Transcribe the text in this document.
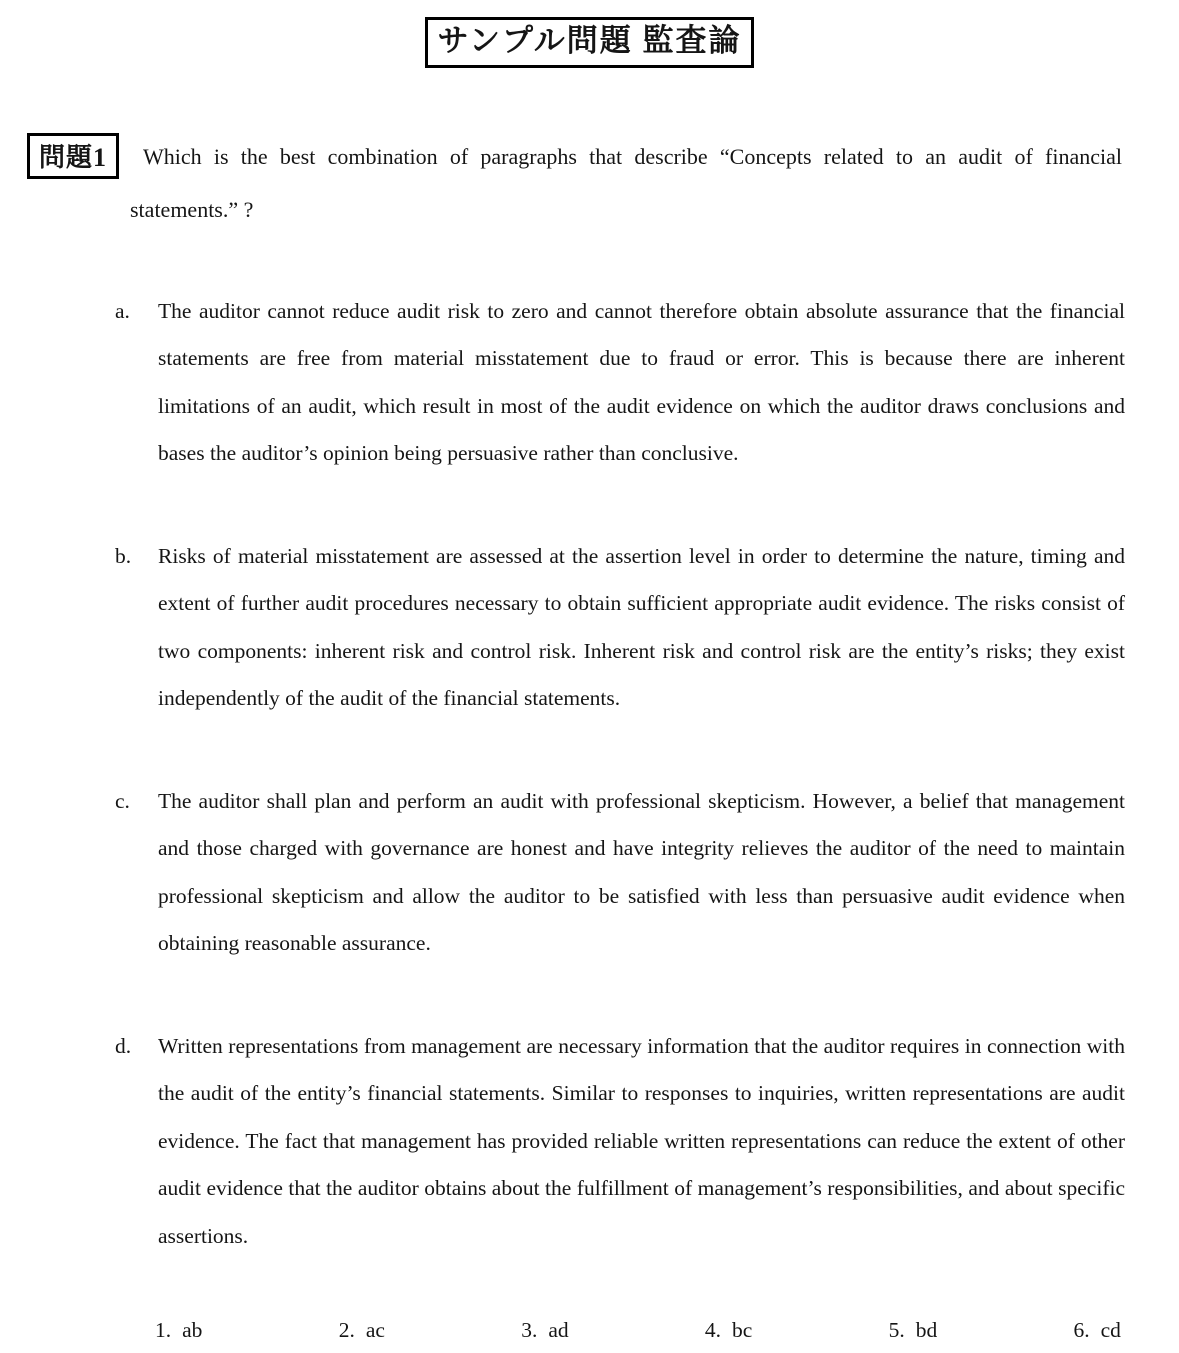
サンプル問題 監査論
問題1	Which is the best combination of paragraphs that describe “Concepts related to an audit of financial statements.” ?
a.	The auditor cannot reduce audit risk to zero and cannot therefore obtain absolute assurance that the financial statements are free from material misstatement due to fraud or error. This is because there are inherent limitations of an audit, which result in most of the audit evidence on which the auditor draws conclusions and bases the auditor’s opinion being persuasive rather than conclusive.
b.	Risks of material misstatement are assessed at the assertion level in order to determine the nature, timing and extent of further audit procedures necessary to obtain sufficient appropriate audit evidence. The risks consist of two components: inherent risk and control risk. Inherent risk and control risk are the entity’s risks; they exist independently of the audit of the financial statements.
c.	The auditor shall plan and perform an audit with professional skepticism. However, a belief that management and those charged with governance are honest and have integrity relieves the auditor of the need to maintain professional skepticism and allow the auditor to be satisfied with less than persuasive audit evidence when obtaining reasonable assurance.
d.	Written representations from management are necessary information that the auditor requires in connection with the audit of the entity’s financial statements. Similar to responses to inquiries, written representations are audit evidence. The fact that management has provided reliable written representations can reduce the extent of other audit evidence that the auditor obtains about the fulfillment of management’s responsibilities, and about specific assertions.
1. ab	2. ac	3. ad	4. bc	5. bd	6. cd
